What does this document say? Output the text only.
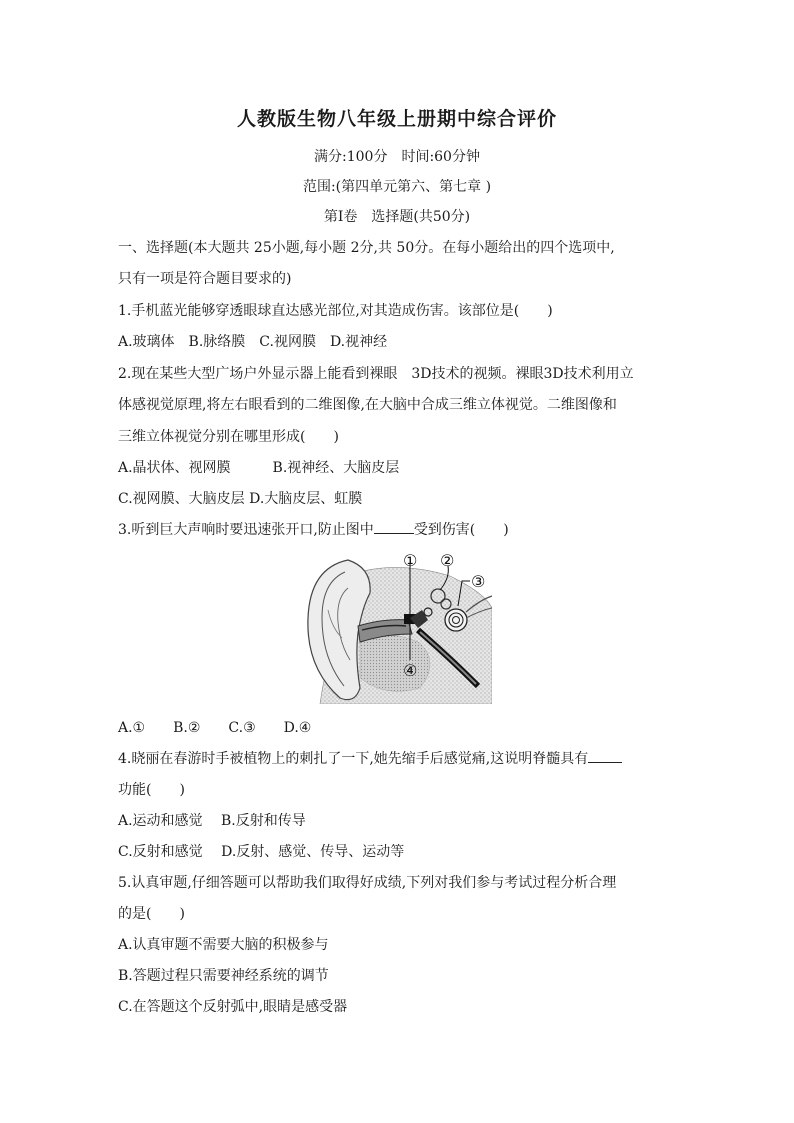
人教版生物八年级上册期中综合评价
满分:100分　时间:60分钟
范围:(第四单元第六、第七章 )
第Ⅰ卷　选择题(共50分)
一、选择题(本大题共 25小题,每小题 2分,共 50分。在每小题给出的四个选项中,
只有一项是符合题目要求的)
1.手机蓝光能够穿透眼球直达感光部位,对其造成伤害。该部位是(　　)
A.玻璃体　B.脉络膜　C.视网膜　D.视神经
2.现在某些大型广场户外显示器上能看到裸眼　3D技术的视频。裸眼3D技术利用立
体感视觉原理,将左右眼看到的二维图像,在大脑中合成三维立体视觉。二维图像和
三维立体视觉分别在哪里形成(　　)
A.晶状体、视网膜　　　B.视神经、大脑皮层
C.视网膜、大脑皮层 D.大脑皮层、虹膜
3.听到巨大声响时要迅速张开口,防止图中	受到伤害(　　)
① ②
③
④
A.①　　B.②　　C.③　　D.④
4.晓丽在春游时手被植物上的刺扎了一下,她先缩手后感觉痛,这说明脊髓具有
功能(　　)
A.运动和感觉　 B.反射和传导
C.反射和感觉　 D.反射、感觉、传导、运动等
5.认真审题,仔细答题可以帮助我们取得好成绩,下列对我们参与考试过程分析合理
的是(　　)
A.认真审题不需要大脑的积极参与
B.答题过程只需要神经系统的调节
C.在答题这个反射弧中,眼睛是感受器
